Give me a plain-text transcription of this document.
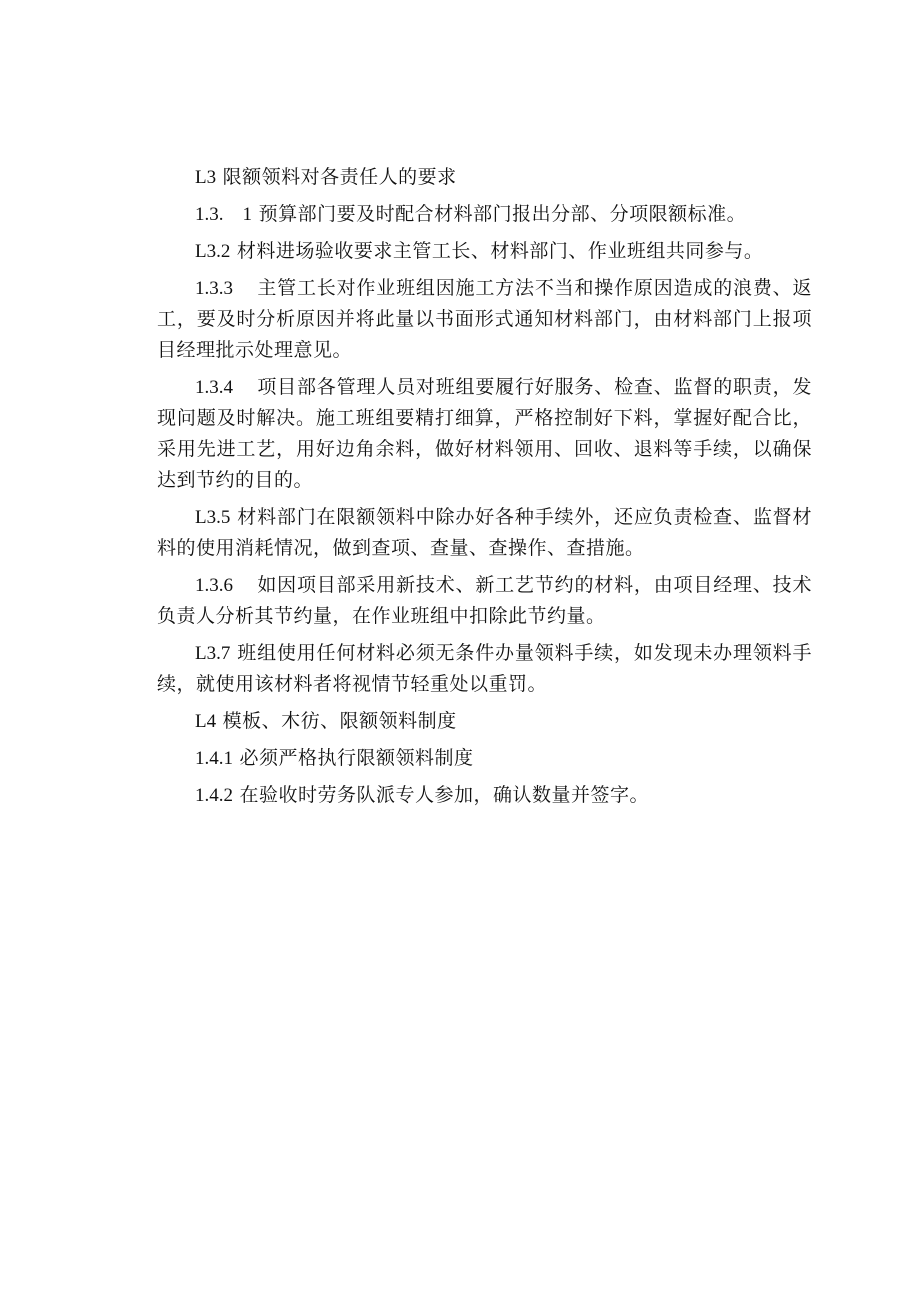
L3 限额领料对各责任人的要求

1.3.　1 预算部门要及时配合材料部门报出分部、分项限额标准。

L3.2 材料进场验收要求主管工长、材料部门、作业班组共同参与。

1.3.3 主管工长对作业班组因施工方法不当和操作原因造成的浪费、返工，要及时分析原因并将此量以书面形式通知材料部门，由材料部门上报项目经理批示处理意见。

1.3.4 项目部各管理人员对班组要履行好服务、检查、监督的职责，发现问题及时解决。施工班组要精打细算，严格控制好下料，掌握好配合比，采用先进工艺，用好边角余料，做好材料领用、回收、退料等手续，以确保达到节约的目的。

L3.5 材料部门在限额领料中除办好各种手续外，还应负责检查、监督材料的使用消耗情况，做到查项、查量、查操作、查措施。

1.3.6 如因项目部采用新技术、新工艺节约的材料，由项目经理、技术负责人分析其节约量，在作业班组中扣除此节约量。

L3.7 班组使用任何材料必须无条件办量领料手续，如发现未办理领料手续，就使用该材料者将视情节轻重处以重罚。

L4 模板、木彷、限额领料制度

1.4.1 必须严格执行限额领料制度

1.4.2 在验收时劳务队派专人参加，确认数量并签字。
